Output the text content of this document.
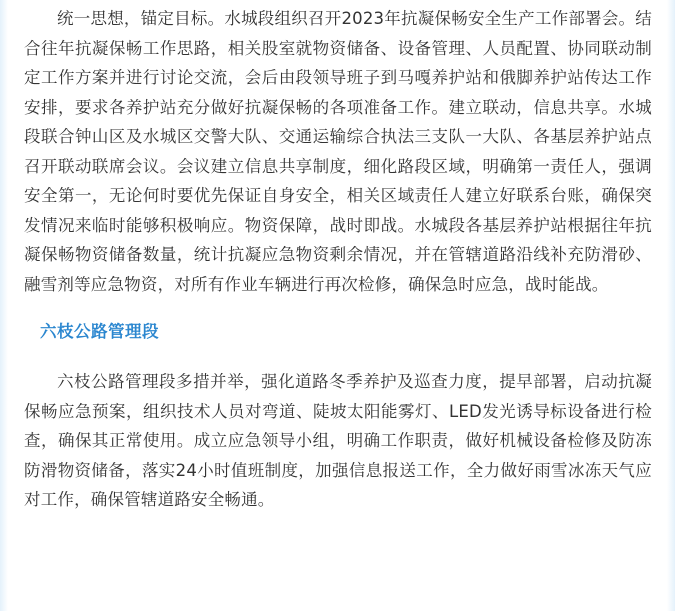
统一思想，锚定目标。水城段组织召开2023年抗凝保畅安全生产工作部署会。结合往年抗凝保畅工作思路，相关股室就物资储备、设备管理、人员配置、协同联动制定工作方案并进行讨论交流，会后由段领导班子到马嘎养护站和俄脚养护站传达工作安排，要求各养护站充分做好抗凝保畅的各项准备工作。建立联动，信息共享。水城段联合钟山区及水城区交警大队、交通运输综合执法三支队一大队、各基层养护站点召开联动联席会议。会议建立信息共享制度，细化路段区域，明确第一责任人，强调安全第一，无论何时要优先保证自身安全，相关区域责任人建立好联系台账，确保突发情况来临时能够积极响应。物资保障，战时即战。水城段各基层养护站根据往年抗凝保畅物资储备数量，统计抗凝应急物资剩余情况，并在管辖道路沿线补充防滑砂、融雪剂等应急物资，对所有作业车辆进行再次检修，确保急时应急，战时能战。

六枝公路管理段

六枝公路管理段多措并举，强化道路冬季养护及巡查力度，提早部署，启动抗凝保畅应急预案，组织技术人员对弯道、陡坡太阳能雾灯、LED发光诱导标设备进行检查，确保其正常使用。成立应急领导小组，明确工作职责，做好机械设备检修及防冻防滑物资储备，落实24小时值班制度，加强信息报送工作，全力做好雨雪冰冻天气应对工作，确保管辖道路安全畅通。
